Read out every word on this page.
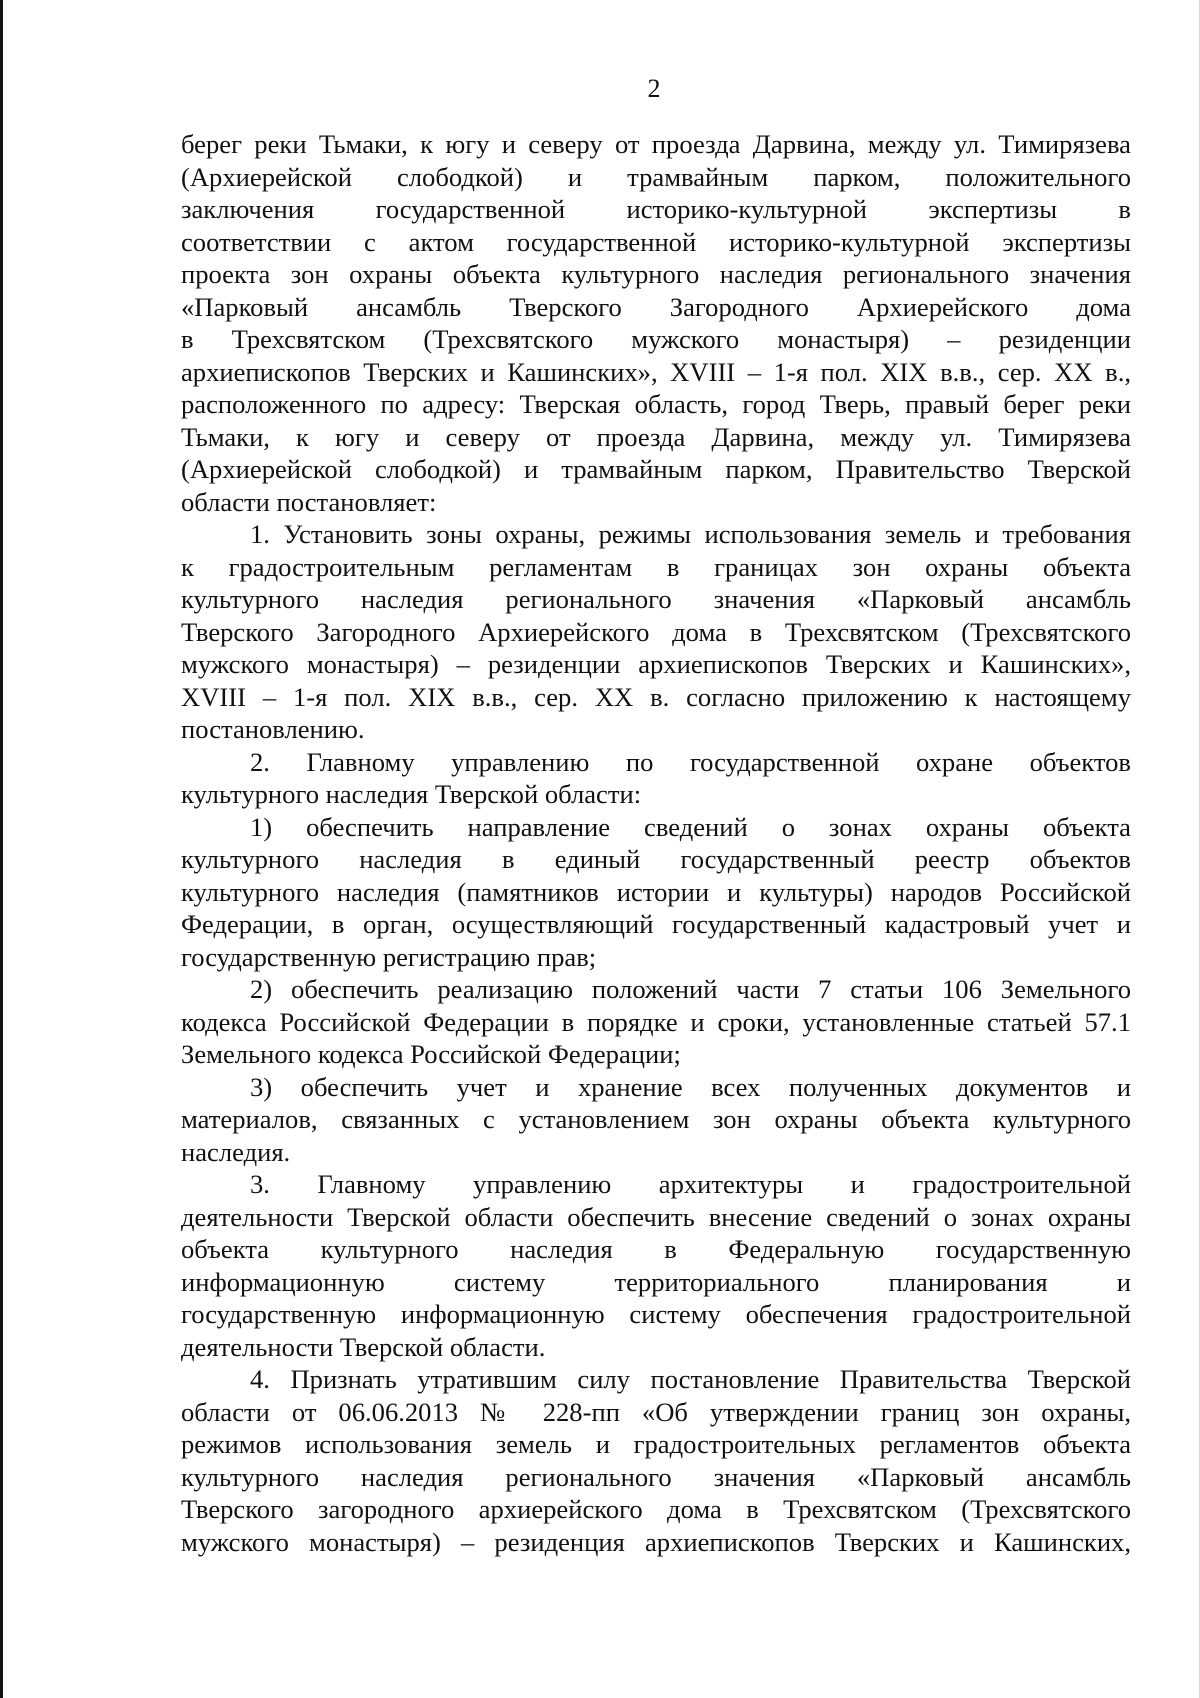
2
берег реки Тьмаки, к югу и северу от проезда Дарвина, между ул. Тимирязева
(Архиерейской слободкой) и трамвайным парком, положительного
заключения государственной историко-культурной экспертизы в
соответствии с актом государственной историко-культурной экспертизы
проекта зон охраны объекта культурного наследия регионального значения
«Парковый ансамбль Тверского Загородного Архиерейского дома
в Трехсвятском (Трехсвятского мужского монастыря) – резиденции
архиепископов Тверских и Кашинских», XVIII – 1-я пол. XIX в.в., сер. XX в.,
расположенного по адресу: Тверская область, город Тверь, правый берег реки
Тьмаки, к югу и северу от проезда Дарвина, между ул. Тимирязева
(Архиерейской слободкой) и трамвайным парком, Правительство Тверской
области постановляет:
1. Установить зоны охраны, режимы использования земель и требования
к градостроительным регламентам в границах зон охраны объекта
культурного наследия регионального значения «Парковый ансамбль
Тверского Загородного Архиерейского дома в Трехсвятском (Трехсвятского
мужского монастыря) – резиденции архиепископов Тверских и Кашинских»,
XVIII – 1-я пол. XIX в.в., сер. XX в. согласно приложению к настоящему
постановлению.
2. Главному управлению по государственной охране объектов
культурного наследия Тверской области:
1) обеспечить направление сведений о зонах охраны объекта
культурного наследия в единый государственный реестр объектов
культурного наследия (памятников истории и культуры) народов Российской
Федерации, в орган, осуществляющий государственный кадастровый учет и
государственную регистрацию прав;
2) обеспечить реализацию положений части 7 статьи 106 Земельного
кодекса Российской Федерации в порядке и сроки, установленные статьей 57.1
Земельного кодекса Российской Федерации;
3) обеспечить учет и хранение всех полученных документов и
материалов, связанных с установлением зон охраны объекта культурного
наследия.
3. Главному управлению архитектуры и градостроительной
деятельности Тверской области обеспечить внесение сведений о зонах охраны
объекта культурного наследия в Федеральную государственную
информационную систему территориального планирования и
государственную информационную систему обеспечения градостроительной
деятельности Тверской области.
4. Признать утратившим силу постановление Правительства Тверской
области от 06.06.2013 № 228-пп «Об утверждении границ зон охраны,
режимов использования земель и градостроительных регламентов объекта
культурного наследия регионального значения «Парковый ансамбль
Тверского загородного архиерейского дома в Трехсвятском (Трехсвятского
мужского монастыря) – резиденция архиепископов Тверских и Кашинских,
